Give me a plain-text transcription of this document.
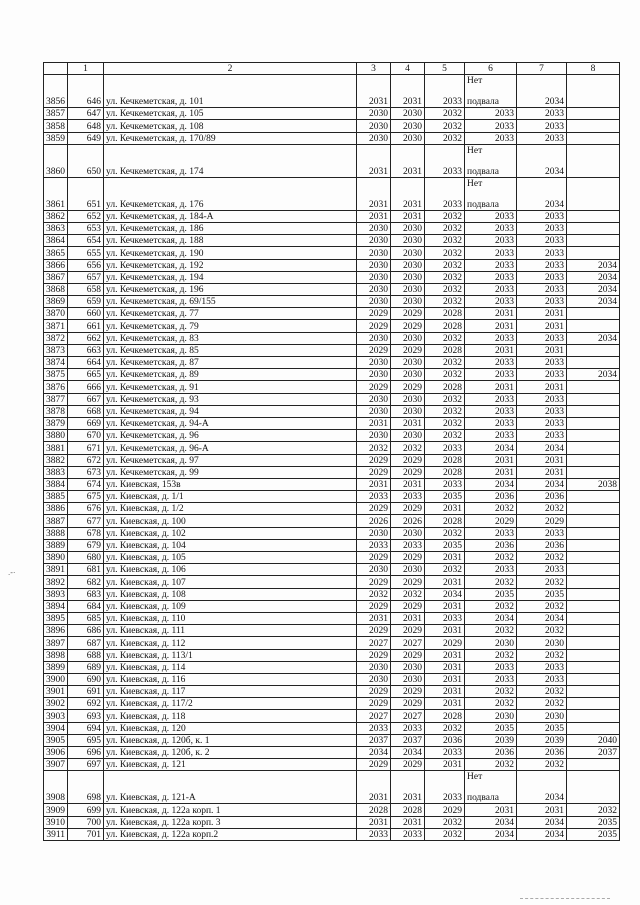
	1	2	3	4	5	6	7	8
3856	646	ул. Кечкеметская, д. 101	2031	2031	2033	Нет
подвала	2034	
3857	647	ул. Кечкеметская, д. 105	2030	2030	2032	2033	2033	
3858	648	ул. Кечкеметская, д. 108	2030	2030	2032	2033	2033	
3859	649	ул. Кечкеметская, д. 170/89	2030	2030	2032	2033	2033	
3860	650	ул. Кечкеметская, д. 174	2031	2031	2033	Нет
подвала	2034	
3861	651	ул. Кечкеметская, д. 176	2031	2031	2033	Нет
подвала	2034	
3862	652	ул. Кечкеметская, д. 184-А	2031	2031	2032	2033	2033	
3863	653	ул. Кечкеметская, д. 186	2030	2030	2032	2033	2033	
3864	654	ул. Кечкеметская, д. 188	2030	2030	2032	2033	2033	
3865	655	ул. Кечкеметская, д. 190	2030	2030	2032	2033	2033	
3866	656	ул. Кечкеметская, д. 192	2030	2030	2032	2033	2033	2034
3867	657	ул. Кечкеметская, д. 194	2030	2030	2032	2033	2033	2034
3868	658	ул. Кечкеметская, д. 196	2030	2030	2032	2033	2033	2034
3869	659	ул. Кечкеметская, д. 69/155	2030	2030	2032	2033	2033	2034
3870	660	ул. Кечкеметская, д. 77	2029	2029	2028	2031	2031	
3871	661	ул. Кечкеметская, д. 79	2029	2029	2028	2031	2031	
3872	662	ул. Кечкеметская, д. 83	2030	2030	2032	2033	2033	2034
3873	663	ул. Кечкеметская, д. 85	2029	2029	2028	2031	2031	
3874	664	ул. Кечкеметская, д. 87	2030	2030	2032	2033	2033	
3875	665	ул. Кечкеметская, д. 89	2030	2030	2032	2033	2033	2034
3876	666	ул. Кечкеметская, д. 91	2029	2029	2028	2031	2031	
3877	667	ул. Кечкеметская, д. 93	2030	2030	2032	2033	2033	
3878	668	ул. Кечкеметская, д. 94	2030	2030	2032	2033	2033	
3879	669	ул. Кечкеметская, д. 94-А	2031	2031	2032	2033	2033	
3880	670	ул. Кечкеметская, д. 96	2030	2030	2032	2033	2033	
3881	671	ул. Кечкеметская, д. 96-А	2032	2032	2033	2034	2034	
3882	672	ул. Кечкеметская, д. 97	2029	2029	2028	2031	2031	
3883	673	ул. Кечкеметская, д. 99	2029	2029	2028	2031	2031	
3884	674	ул. Киевская, 153в	2031	2031	2033	2034	2034	2038
3885	675	ул. Киевская, д. 1/1	2033	2033	2035	2036	2036	
3886	676	ул. Киевская, д. 1/2	2029	2029	2031	2032	2032	
3887	677	ул. Киевская, д. 100	2026	2026	2028	2029	2029	
3888	678	ул. Киевская, д. 102	2030	2030	2032	2033	2033	
3889	679	ул. Киевская, д. 104	2033	2033	2035	2036	2036	
3890	680	ул. Киевская, д. 105	2029	2029	2031	2032	2032	
3891	681	ул. Киевская, д. 106	2030	2030	2032	2033	2033	
3892	682	ул. Киевская, д. 107	2029	2029	2031	2032	2032	
3893	683	ул. Киевская, д. 108	2032	2032	2034	2035	2035	
3894	684	ул. Киевская, д. 109	2029	2029	2031	2032	2032	
3895	685	ул. Киевская, д. 110	2031	2031	2033	2034	2034	
3896	686	ул. Киевская, д. 111	2029	2029	2031	2032	2032	
3897	687	ул. Киевская, д. 112	2027	2027	2029	2030	2030	
3898	688	ул. Киевская, д. 113/1	2029	2029	2031	2032	2032	
3899	689	ул. Киевская, д. 114	2030	2030	2031	2033	2033	
3900	690	ул. Киевская, д. 116	2030	2030	2031	2033	2033	
3901	691	ул. Киевская, д. 117	2029	2029	2031	2032	2032	
3902	692	ул. Киевская, д. 117/2	2029	2029	2031	2032	2032	
3903	693	ул. Киевская, д. 118	2027	2027	2028	2030	2030	
3904	694	ул. Киевская, д. 120	2033	2033	2032	2035	2035	
3905	695	ул. Киевская, д. 120б, к. 1	2037	2037	2036	2039	2039	2040
3906	696	ул. Киевская, д. 120б, к. 2	2034	2034	2033	2036	2036	2037
3907	697	ул. Киевская, д. 121	2029	2029	2031	2032	2032	
3908	698	ул. Киевская, д. 121-А	2031	2031	2033	Нет
подвала	2034	
3909	699	ул. Киевская, д. 122а корп. 1	2028	2028	2029	2031	2031	2032
3910	700	ул. Киевская, д. 122а корп. 3	2031	2031	2032	2034	2034	2035
3911	701	ул. Киевская, д. 122а корп.2	2033	2033	2032	2034	2034	2035
.-·
